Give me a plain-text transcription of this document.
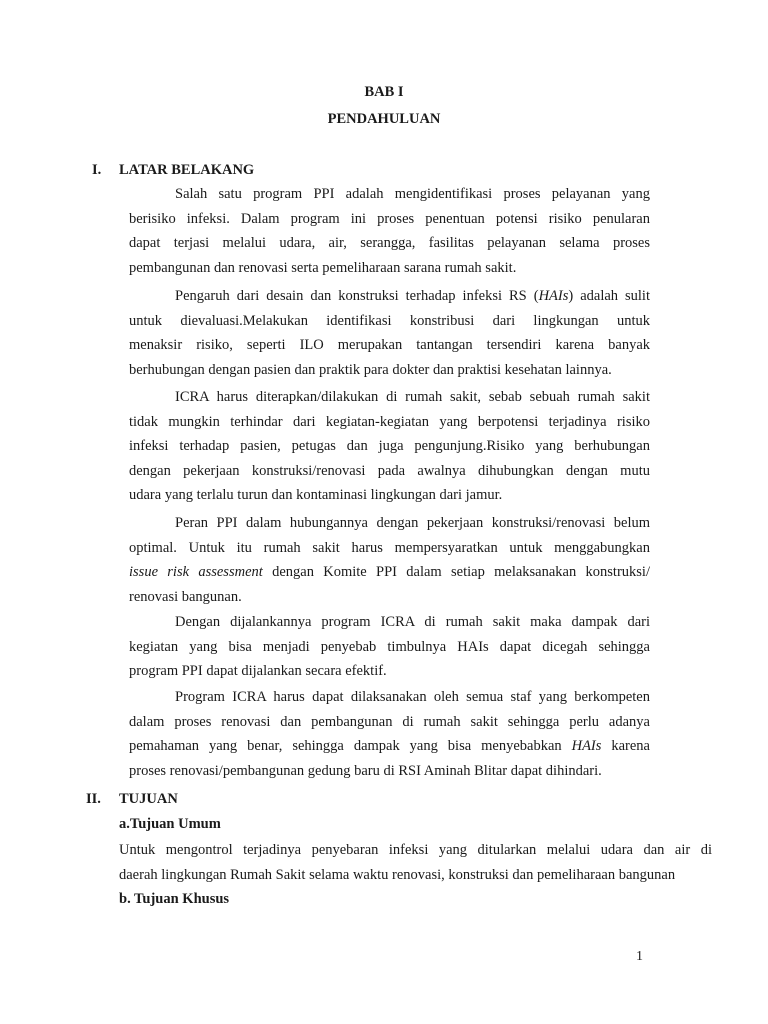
BAB I
PENDAHULUAN
I. LATAR BELAKANG
Salah satu program PPI adalah mengidentifikasi proses pelayanan yang
berisiko infeksi. Dalam program ini proses penentuan potensi risiko penularan
dapat terjasi melalui udara, air, serangga, fasilitas pelayanan selama proses
pembangunan dan renovasi serta pemeliharaan sarana rumah sakit.
Pengaruh dari desain dan konstruksi terhadap infeksi RS (HAIs) adalah sulit
untuk dievaluasi.Melakukan identifikasi konstribusi dari lingkungan untuk
menaksir risiko, seperti ILO merupakan tantangan tersendiri karena banyak
berhubungan dengan pasien dan praktik para dokter dan praktisi kesehatan lainnya.
ICRA harus diterapkan/dilakukan di rumah sakit, sebab sebuah rumah sakit
tidak mungkin terhindar dari kegiatan-kegiatan yang berpotensi terjadinya risiko
infeksi terhadap pasien, petugas dan juga pengunjung.Risiko yang berhubungan
dengan pekerjaan konstruksi/renovasi pada awalnya dihubungkan dengan mutu
udara yang terlalu turun dan kontaminasi lingkungan dari jamur.
Peran PPI dalam hubungannya dengan pekerjaan konstruksi/renovasi belum
optimal. Untuk itu rumah sakit harus mempersyaratkan untuk menggabungkan
issue risk assessment dengan Komite PPI dalam setiap melaksanakan konstruksi/
renovasi bangunan.
Dengan dijalankannya program ICRA di rumah sakit maka dampak dari
kegiatan yang bisa menjadi penyebab timbulnya HAIs dapat dicegah sehingga
program PPI dapat dijalankan secara efektif.
Program ICRA harus dapat dilaksanakan oleh semua staf yang berkompeten
dalam proses renovasi dan pembangunan di rumah sakit sehingga perlu adanya
pemahaman yang benar, sehingga dampak yang bisa menyebabkan HAIs karena
proses renovasi/pembangunan gedung baru di RSI Aminah Blitar dapat dihindari.
II. TUJUAN
a.Tujuan Umum
Untuk mengontrol terjadinya penyebaran infeksi yang ditularkan melalui udara dan air di
daerah lingkungan Rumah Sakit selama waktu renovasi, konstruksi dan pemeliharaan bangunan
b. Tujuan Khusus
1
